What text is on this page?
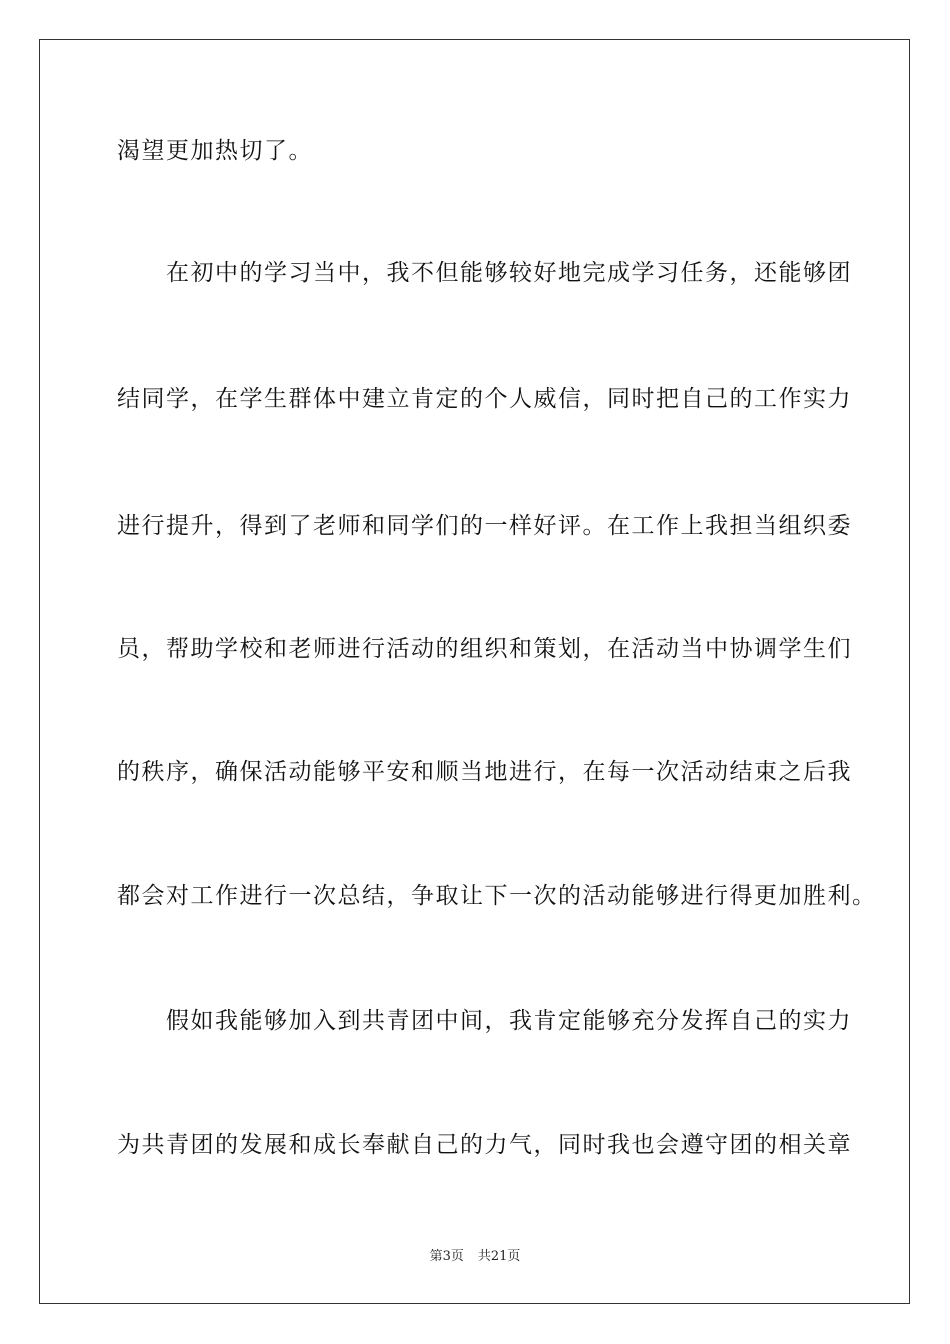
渴望更加热切了。
　　在初中的学习当中，我不但能够较好地完成学习任务，还能够团
结同学，在学生群体中建立肯定的个人威信，同时把自己的工作实力
进行提升，得到了老师和同学们的一样好评。在工作上我担当组织委
员，帮助学校和老师进行活动的组织和策划，在活动当中协调学生们
的秩序，确保活动能够平安和顺当地进行，在每一次活动结束之后我
都会对工作进行一次总结，争取让下一次的活动能够进行得更加胜利。
　　假如我能够加入到共青团中间，我肯定能够充分发挥自己的实力
为共青团的发展和成长奉献自己的力气，同时我也会遵守团的相关章
第3页 共21页
